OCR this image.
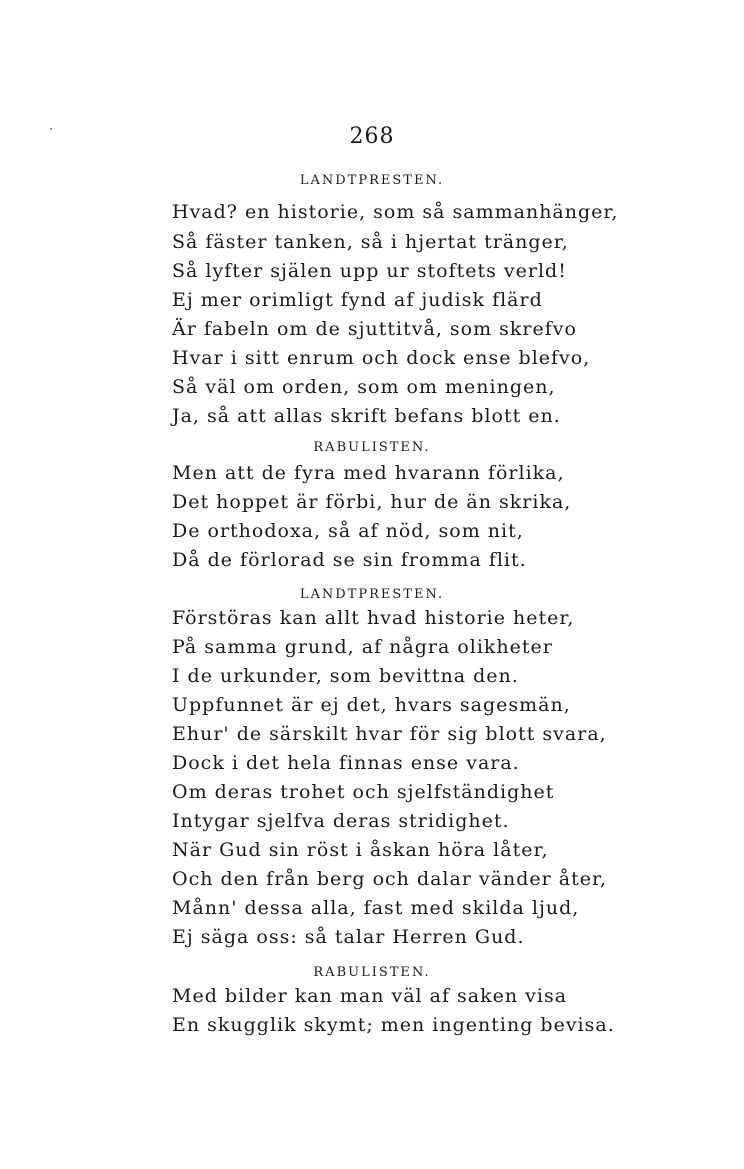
268
LANDTPRESTEN.
Hvad? en historie, som så sammanhänger,
Så fäster tanken, så i hjertat tränger,
Så lyfter själen upp ur stoftets verld!
Ej mer orimligt fynd af judisk flärd
Är fabeln om de sjuttitvå, som skrefvo
Hvar i sitt enrum och dock ense blefvo,
Så väl om orden, som om meningen,
Ja, så att allas skrift befans blott en.
RABULISTEN.
Men att de fyra med hvarann förlika,
Det hoppet är förbi, hur de än skrika,
De orthodoxa, så af nöd, som nit,
Då de förlorad se sin fromma flit.
LANDTPRESTEN.
Förstöras kan allt hvad historie heter,
På samma grund, af några olikheter
I de urkunder, som bevittna den.
Uppfunnet är ej det, hvars sagesmän,
Ehur' de särskilt hvar för sig blott svara,
Dock i det hela finnas ense vara.
Om deras trohet och sjelfständighet
Intygar sjelfva deras stridighet.
När Gud sin röst i åskan höra låter,
Och den från berg och dalar vänder åter,
Månn' dessa alla, fast med skilda ljud,
Ej säga oss: så talar Herren Gud.
RABULISTEN.
Med bilder kan man väl af saken visa
En skugglik skymt; men ingenting bevisa.
